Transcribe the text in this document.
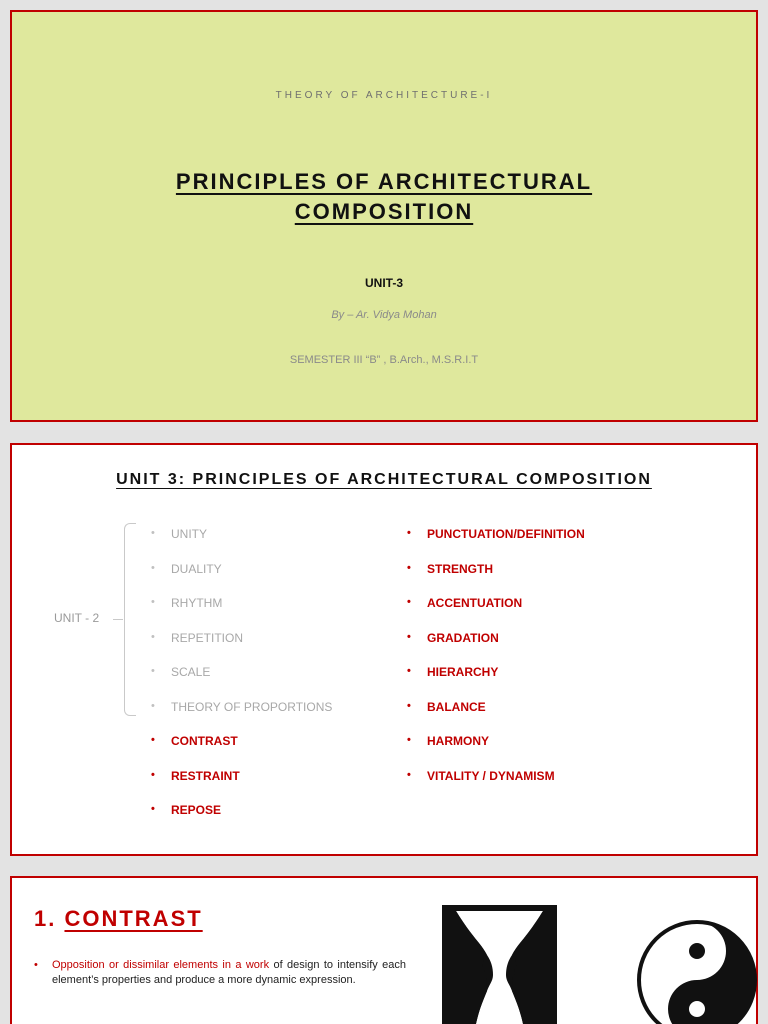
THEORY OF ARCHITECTURE-I
PRINCIPLES OF ARCHITECTURAL
COMPOSITION
UNIT-3
By – Ar. Vidya Mohan
SEMESTER III “B” , B.Arch., M.S.R.I.T
UNIT 3: PRINCIPLES OF ARCHITECTURAL COMPOSITION
UNIT - 2
• UNITY
• DUALITY
• RHYTHM
• REPETITION
• SCALE
• THEORY OF PROPORTIONS
• CONTRAST
• RESTRAINT
• REPOSE
• PUNCTUATION/DEFINITION
• STRENGTH
• ACCENTUATION
• GRADATION
• HIERARCHY
• BALANCE
• HARMONY
• VITALITY / DYNAMISM
1. CONTRAST
• Opposition or dissimilar elements in a work of design to intensify each element’s properties and produce a more dynamic expression.
